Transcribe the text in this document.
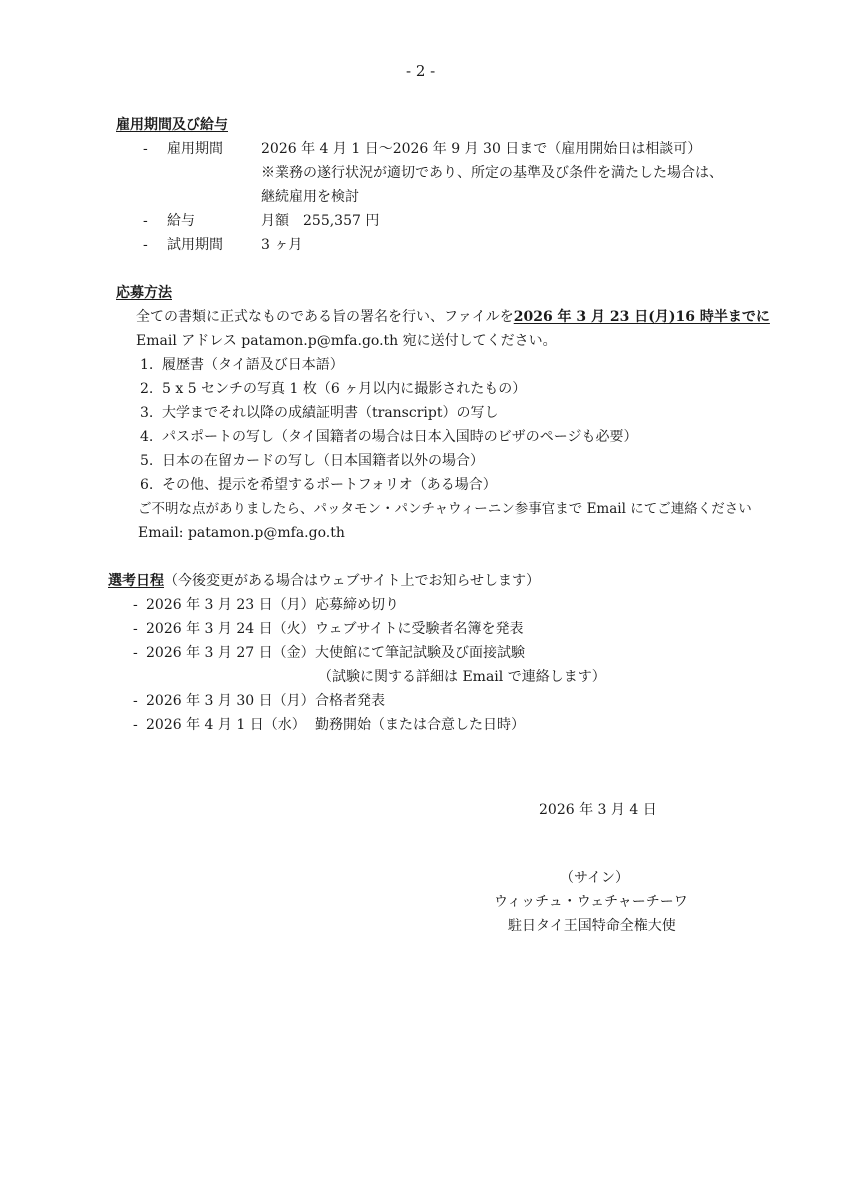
- 2 -
雇用期間及び給与
- 雇用期間	2026 年 4 月 1 日～2026 年 9 月 30 日まで（雇用開始日は相談可）
※業務の遂行状況が適切であり、所定の基準及び条件を満たした場合は、
継続雇用を検討
- 給与	月額　255,357 円
- 試用期間	3 ヶ月
応募方法
全ての書類に正式なものである旨の署名を行い、ファイルを2026 年 3 月 23 日(月)16 時半までに
Email アドレス patamon.p@mfa.go.th 宛に送付してください。
1. 履歴書（タイ語及び日本語）
2. 5 x 5 センチの写真 1 枚（6 ヶ月以内に撮影されたもの）
3. 大学までそれ以降の成績証明書（transcript）の写し
4. パスポートの写し（タイ国籍者の場合は日本入国時のビザのページも必要）
5. 日本の在留カードの写し（日本国籍者以外の場合）
6. その他、提示を希望するポートフォリオ（ある場合）
ご不明な点がありましたら、パッタモン・パンチャウィーニン参事官まで Email にてご連絡ください
Email: patamon.p@mfa.go.th
選考日程（今後変更がある場合はウェブサイト上でお知らせします）
- 2026 年 3 月 23 日（月） 応募締め切り
- 2026 年 3 月 24 日（火） ウェブサイトに受験者名簿を発表
- 2026 年 3 月 27 日（金） 大使館にて筆記試験及び面接試験
（試験に関する詳細は Email で連絡します）
- 2026 年 3 月 30 日（月） 合格者発表
- 2026 年 4 月 1 日（水） 勤務開始（または合意した日時）
2026 年 3 月 4 日
（サイン）
ウィッチュ・ウェチャーチーワ
駐日タイ王国特命全権大使
